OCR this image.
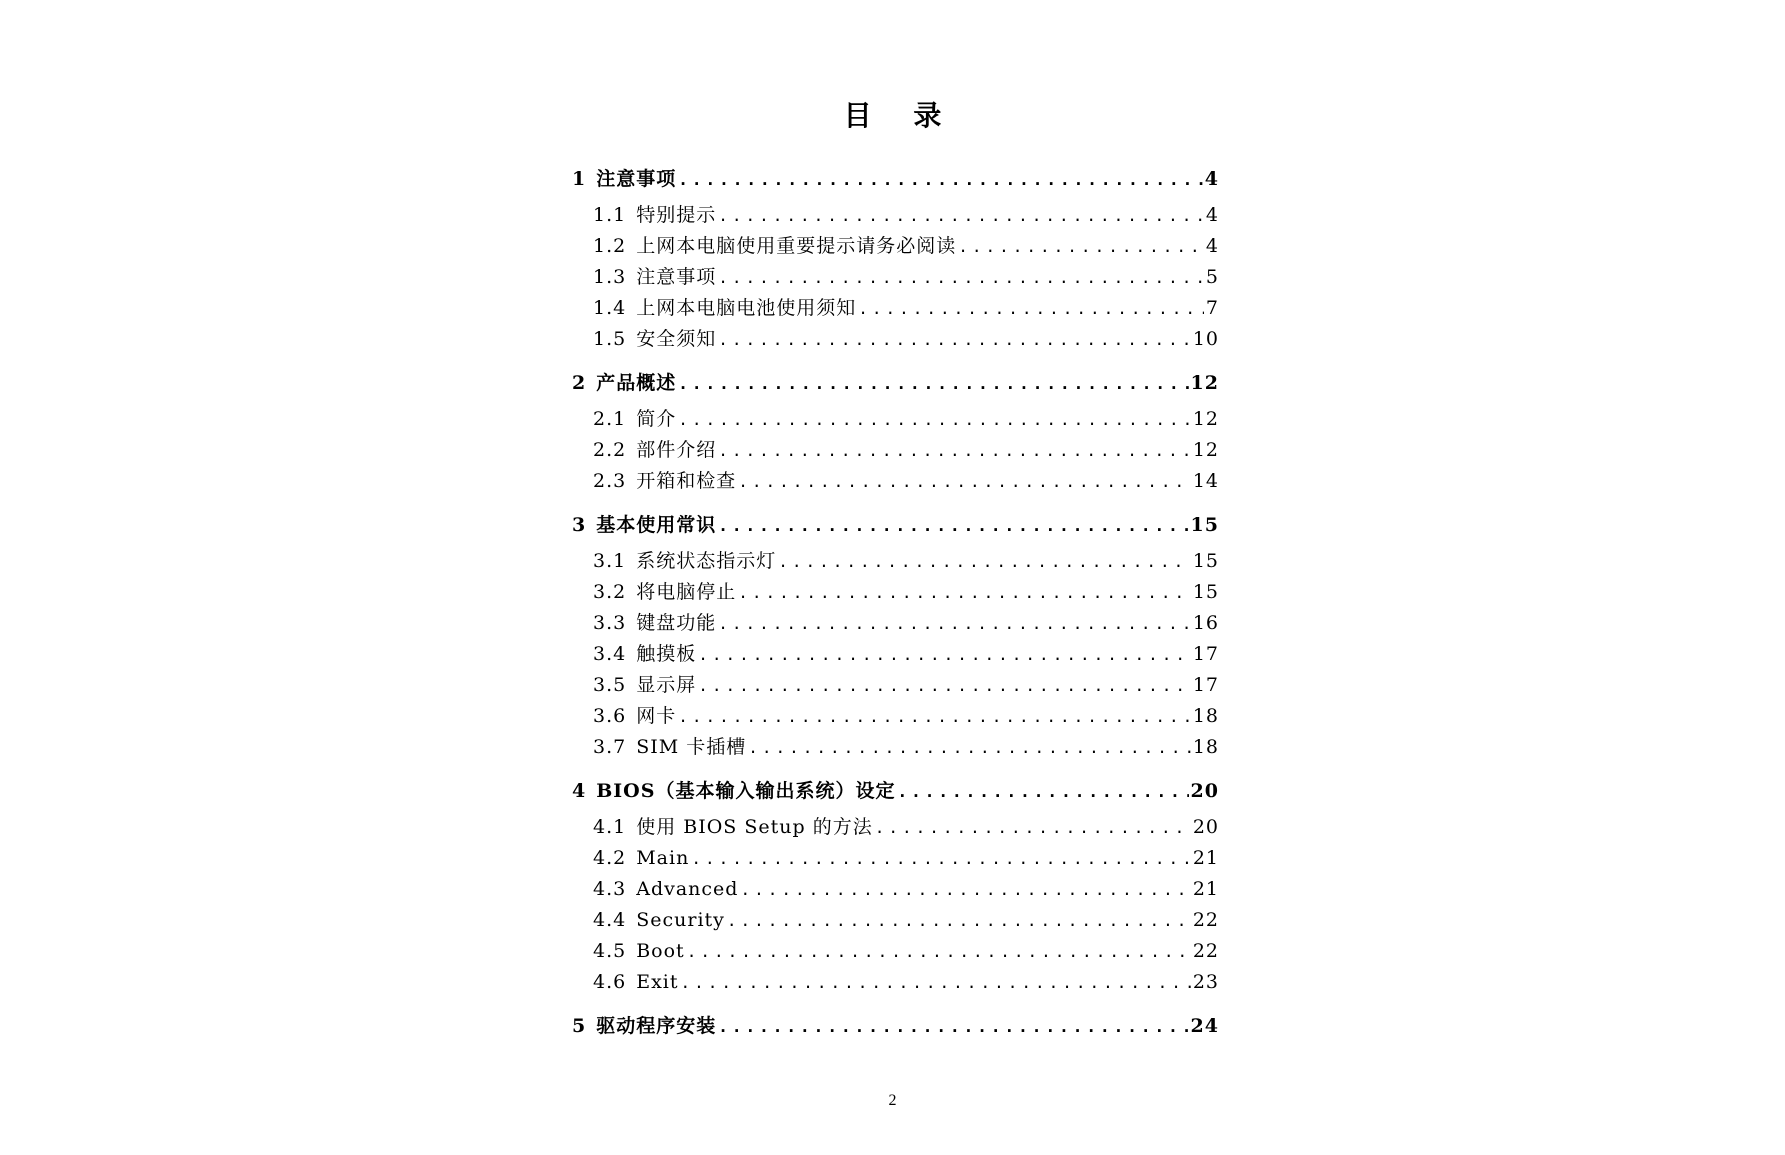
目 录
1 注意事项 .....	4
1.1 特别提示 .....	4
1.2 上网本电脑使用重要提示请务必阅读 .....	4
1.3 注意事项 .....	5
1.4 上网本电脑电池使用须知 .....	7
1.5 安全须知 .....	10
2 产品概述 .....	12
2.1 简介 .....	12
2.2 部件介绍 .....	12
2.3 开箱和检查 .....	14
3 基本使用常识 .....	15
3.1 系统状态指示灯 .....	15
3.2 将电脑停止 .....	15
3.3 键盘功能 .....	16
3.4 触摸板 .....	17
3.5 显示屏 .....	17
3.6 网卡 .....	18
3.7 SIM 卡插槽 .....	18
4 BIOS（基本输入输出系统）设定 .....	20
4.1 使用 BIOS Setup 的方法 .....	20
4.2 Main .....	21
4.3 Advanced .....	21
4.4 Security .....	22
4.5 Boot .....	22
4.6 Exit .....	23
5 驱动程序安装 .....	24
2
